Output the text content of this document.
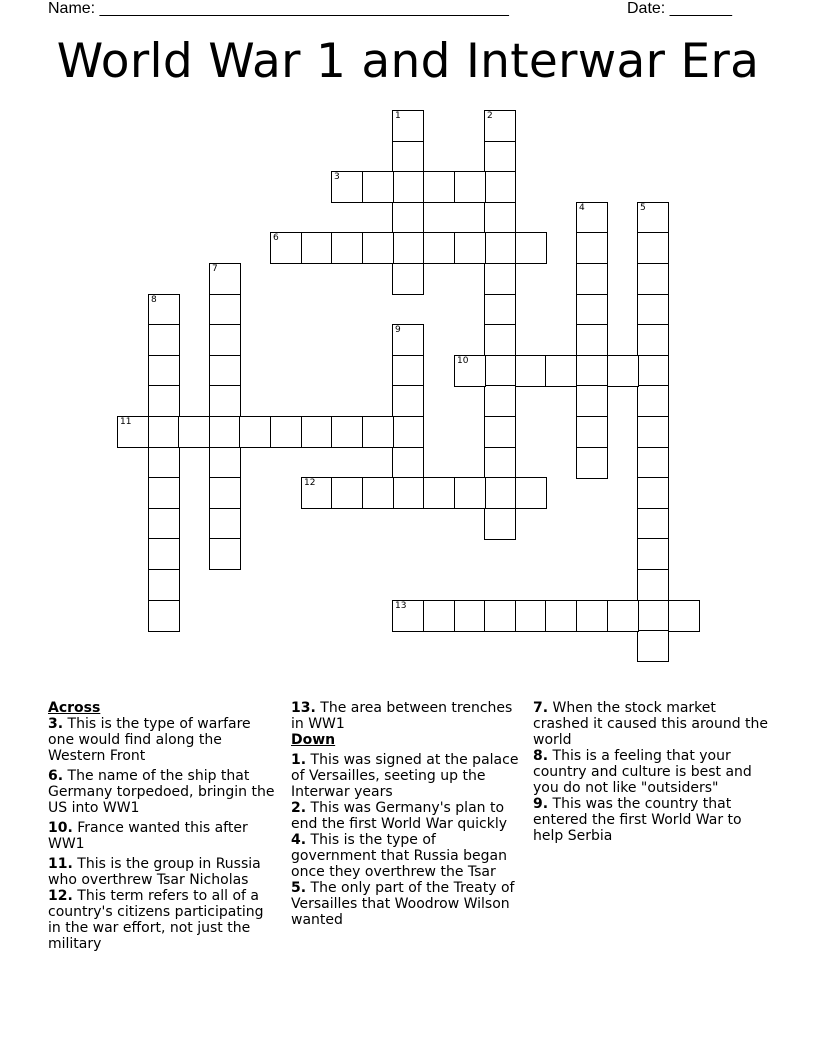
Name: ______________________________________________	Date: _______
World War 1 and Interwar Era
1	2
3
4	5
6
7
8
9
10
11
12
13
Across
3. This is the type of warfare one would find along the Western Front
6. The name of the ship that Germany torpedoed, bringin the US into WW1
10. France wanted this after WW1
11. This is the group in Russia who overthrew Tsar Nicholas
12. This term refers to all of a country's citizens participating in the war effort, not just the military
13. The area between trenches in WW1
Down
1. This was signed at the palace of Versailles, seeting up the Interwar years
2. This was Germany's plan to end the first World War quickly
4. This is the type of government that Russia began once they overthrew the Tsar
5. The only part of the Treaty of Versailles that Woodrow Wilson wanted
7. When the stock market crashed it caused this around the world
8. This is a feeling that your country and culture is best and you do not like "outsiders"
9. This was the country that entered the first World War to help Serbia
